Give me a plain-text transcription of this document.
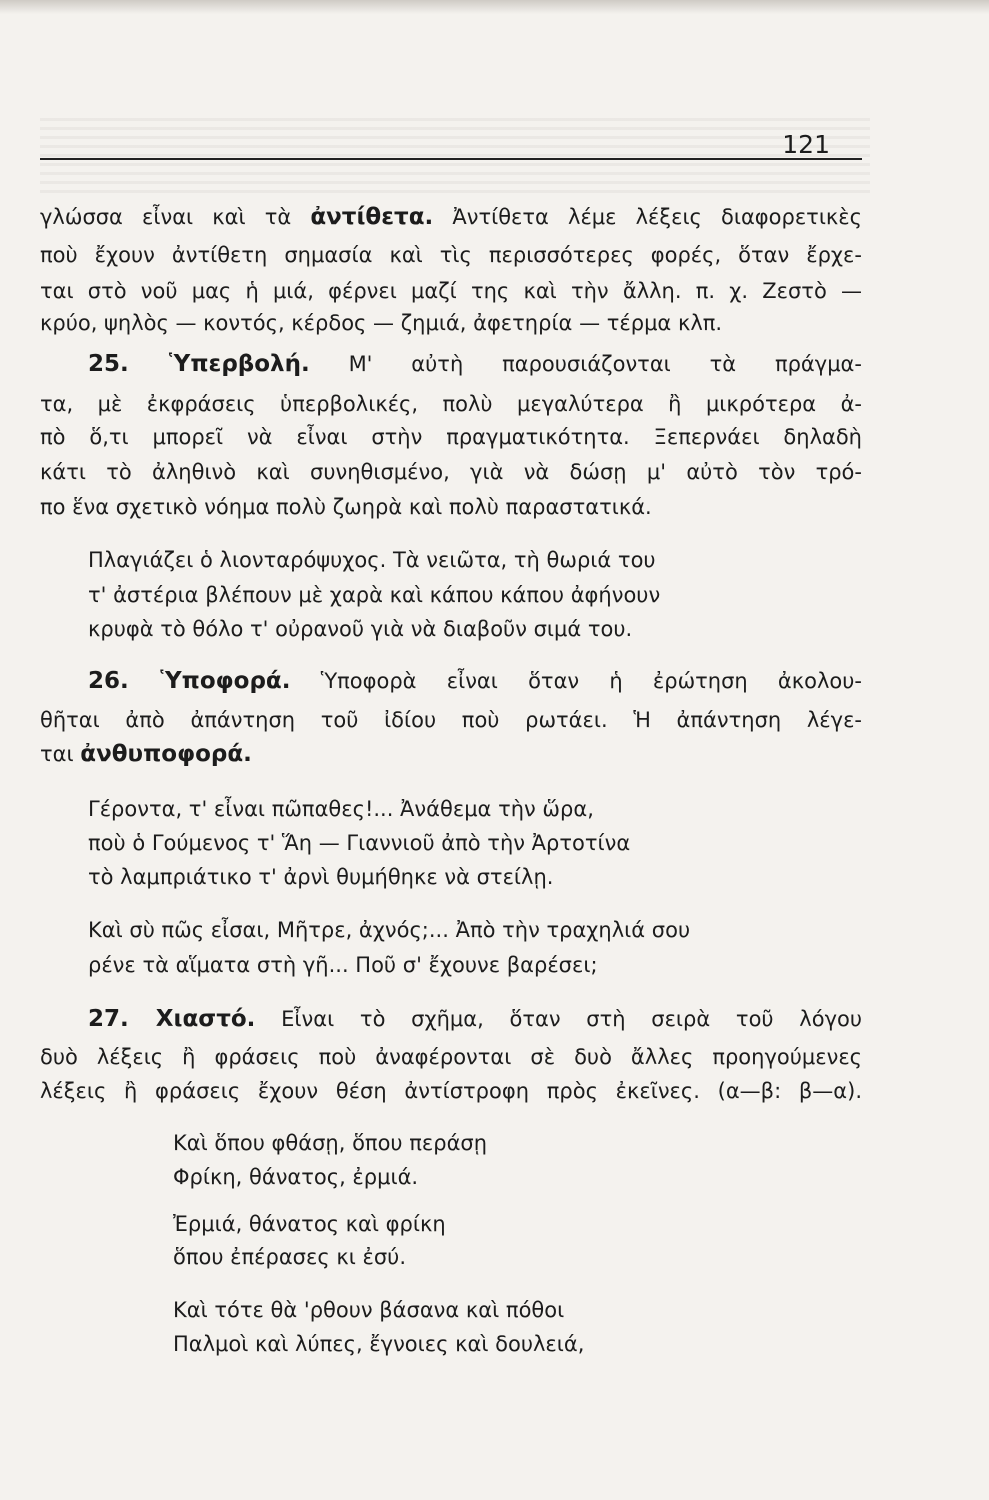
121
γλώσσα εἶναι καὶ τὰ ἀντίθετα. Ἀντίθετα λέμε λέξεις διαφορετικὲς
ποὺ ἔχουν ἀντίθετη σημασία καὶ τὶς περισσότερες φορές, ὅταν ἔρχε-
ται στὸ νοῦ μας ἡ μιά, φέρνει μαζί της καὶ τὴν ἄλλη. π. χ. Ζεστὸ —
κρύο, ψηλὸς — κοντός, κέρδος — ζημιά, ἀφετηρία — τέρμα κλπ.
25. Ὑπερβολή. Μ' αὐτὴ παρουσιάζονται τὰ πράγμα-
τα, μὲ ἐκφράσεις ὑπερβολικές, πολὺ μεγαλύτερα ἢ μικρότερα ἀ-
πὸ ὅ,τι μπορεῖ νὰ εἶναι στὴν πραγματικότητα. Ξεπερνάει δηλαδὴ
κάτι τὸ ἀληθινὸ καὶ συνηθισμένο, γιὰ νὰ δώσῃ μ' αὐτὸ τὸν τρό-
πο ἕνα σχετικὸ νόημα πολὺ ζωηρὰ καὶ πολὺ παραστατικά.
Πλαγιάζει ὁ λιονταρόψυχος. Τὰ νειῶτα, τὴ θωριά του
τ' ἀστέρια βλέπουν μὲ χαρὰ καὶ κάπου κάπου ἀφήνουν
κρυφὰ τὸ θόλο τ' οὐρανοῦ γιὰ νὰ διαβοῦν σιμά του.
26. Ὑποφορά. Ὑποφορὰ εἶναι ὅταν ἡ ἐρώτηση ἀκολου-
θῆται ἀπὸ ἀπάντηση τοῦ ἰδίου ποὺ ρωτάει. Ἡ ἀπάντηση λέγε-
ται ἀνθυποφορά.
Γέροντα, τ' εἶναι πῶπαθες!... Ἀνάθεμα τὴν ὥρα,
ποὺ ὁ Γούμενος τ' Ἅη — Γιαννιοῦ ἀπὸ τὴν Ἀρτοτίνα
τὸ λαμπριάτικο τ' ἀρνὶ θυμήθηκε νὰ στείλῃ.
Καὶ σὺ πῶς εἶσαι, Μῆτρε, ἀχνός;... Ἀπὸ τὴν τραχηλιά σου
ρένε τὰ αἵματα στὴ γῆ... Ποῦ σ' ἔχουνε βαρέσει;
27. Χιαστό. Εἶναι τὸ σχῆμα, ὅταν στὴ σειρὰ τοῦ λόγου
δυὸ λέξεις ἢ φράσεις ποὺ ἀναφέρονται σὲ δυὸ ἄλλες προηγούμενες
λέξεις ἢ φράσεις ἔχουν θέση ἀντίστροφη πρὸς ἐκεῖνες. (α—β: β—α).
Καὶ ὅπου φθάσῃ, ὅπου περάσῃ
Φρίκη, θάνατος, ἐρμιά.
Ἐρμιά, θάνατος καὶ φρίκη
ὅπου ἐπέρασες κι ἐσύ.
Καὶ τότε θὰ 'ρθουν βάσανα καὶ πόθοι
Παλμοὶ καὶ λύπες, ἔγνοιες καὶ δουλειά,
